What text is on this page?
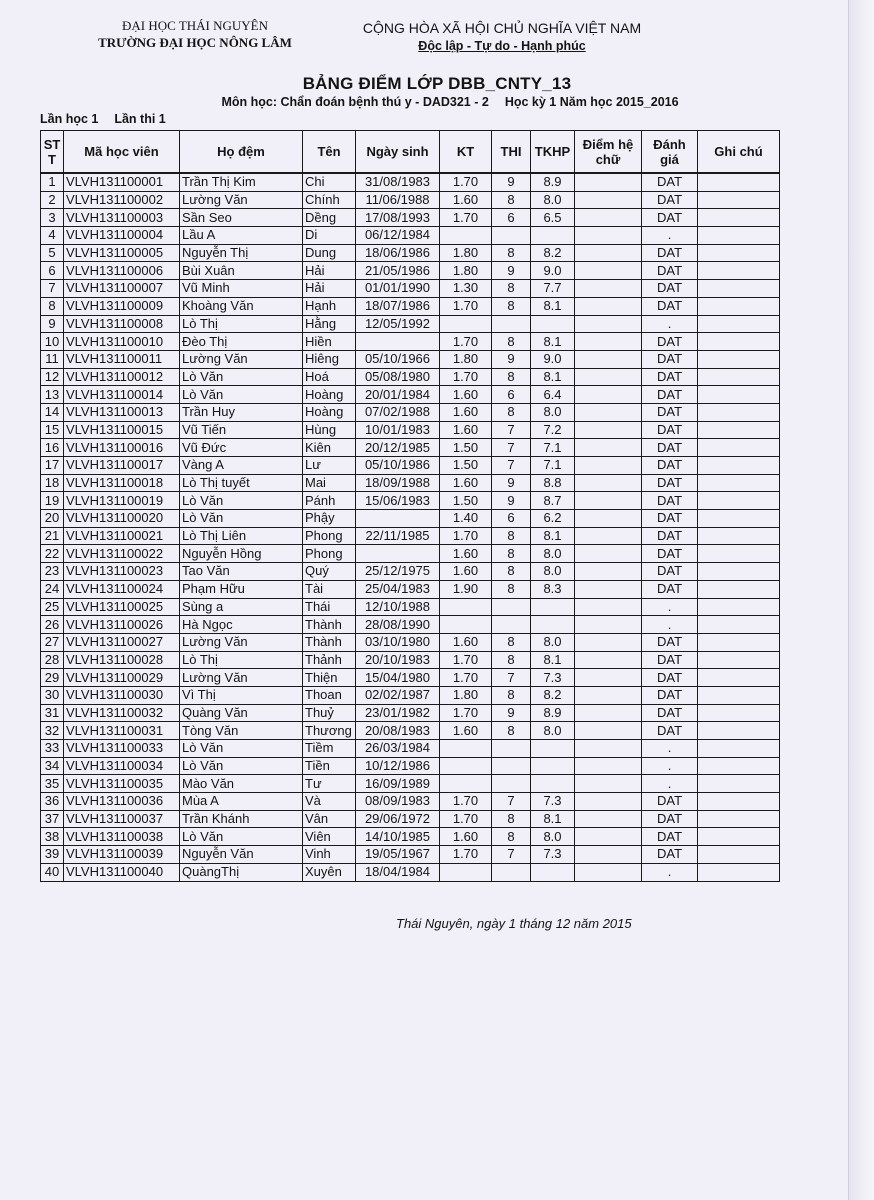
ĐẠI HỌC THÁI NGUYÊN
TRƯỜNG ĐẠI HỌC NÔNG LÂM
CỘNG HÒA XÃ HỘI CHỦ NGHĨA VIỆT NAM
Độc lập - Tự do - Hạnh phúc
BẢNG ĐIỂM LỚP DBB_CNTY_13
Môn học: Chẩn đoán bệnh thú y - DAD321 - 2 Học kỳ 1 Năm học 2015_2016
Lần học 1 Lần thi 1
ST T	Mã học viên	Họ đệm	Tên	Ngày sinh	KT	THI	TKHP	Điểm hệ chữ	Đánh giá	Ghi chú
1	VLVH131100001	Trần Thị Kim	Chi	31/08/1983	1.70	9	8.9		DAT	
2	VLVH131100002	Lường Văn	Chính	11/06/1988	1.60	8	8.0		DAT	
3	VLVH131100003	Sần Seo	Dềng	17/08/1993	1.70	6	6.5		DAT	
4	VLVH131100004	Lầu A	Di	06/12/1984					.	
5	VLVH131100005	Nguyễn Thị	Dung	18/06/1986	1.80	8	8.2		DAT	
6	VLVH131100006	Bùi Xuân	Hải	21/05/1986	1.80	9	9.0		DAT	
7	VLVH131100007	Vũ Minh	Hải	01/01/1990	1.30	8	7.7		DAT	
8	VLVH131100009	Khoàng Văn	Hạnh	18/07/1986	1.70	8	8.1		DAT	
9	VLVH131100008	Lò Thị	Hằng	12/05/1992					.	
10	VLVH131100010	Đèo Thị	Hiền		1.70	8	8.1		DAT	
11	VLVH131100011	Lường Văn	Hiêng	05/10/1966	1.80	9	9.0		DAT	
12	VLVH131100012	Lò Văn	Hoá	05/08/1980	1.70	8	8.1		DAT	
13	VLVH131100014	Lò Văn	Hoàng	20/01/1984	1.60	6	6.4		DAT	
14	VLVH131100013	Trần Huy	Hoàng	07/02/1988	1.60	8	8.0		DAT	
15	VLVH131100015	Vũ Tiến	Hùng	10/01/1983	1.60	7	7.2		DAT	
16	VLVH131100016	Vũ Đức	Kiên	20/12/1985	1.50	7	7.1		DAT	
17	VLVH131100017	Vàng A	Lư	05/10/1986	1.50	7	7.1		DAT	
18	VLVH131100018	Lò Thị tuyết	Mai	18/09/1988	1.60	9	8.8		DAT	
19	VLVH131100019	Lò Văn	Pánh	15/06/1983	1.50	9	8.7		DAT	
20	VLVH131100020	Lò Văn	Phậy		1.40	6	6.2		DAT	
21	VLVH131100021	Lò Thị Liên	Phong	22/11/1985	1.70	8	8.1		DAT	
22	VLVH131100022	Nguyễn Hồng	Phong		1.60	8	8.0		DAT	
23	VLVH131100023	Tao Văn	Quý	25/12/1975	1.60	8	8.0		DAT	
24	VLVH131100024	Phạm Hữu	Tài	25/04/1983	1.90	8	8.3		DAT	
25	VLVH131100025	Sùng a	Thái	12/10/1988					.	
26	VLVH131100026	Hà Ngọc	Thành	28/08/1990					.	
27	VLVH131100027	Lường Văn	Thành	03/10/1980	1.60	8	8.0		DAT	
28	VLVH131100028	Lò Thị	Thảnh	20/10/1983	1.70	8	8.1		DAT	
29	VLVH131100029	Lường Văn	Thiện	15/04/1980	1.70	7	7.3		DAT	
30	VLVH131100030	Vì Thị	Thoan	02/02/1987	1.80	8	8.2		DAT	
31	VLVH131100032	Quàng Văn	Thuỷ	23/01/1982	1.70	9	8.9		DAT	
32	VLVH131100031	Tòng Văn	Thương	20/08/1983	1.60	8	8.0		DAT	
33	VLVH131100033	Lò Văn	Tiềm	26/03/1984					.	
34	VLVH131100034	Lò Văn	Tiền	10/12/1986					.	
35	VLVH131100035	Mào Văn	Tư	16/09/1989					.	
36	VLVH131100036	Mùa A	Và	08/09/1983	1.70	7	7.3		DAT	
37	VLVH131100037	Trần Khánh	Vân	29/06/1972	1.70	8	8.1		DAT	
38	VLVH131100038	Lò Văn	Viên	14/10/1985	1.60	8	8.0		DAT	
39	VLVH131100039	Nguyễn Văn	Vinh	19/05/1967	1.70	7	7.3		DAT	
40	VLVH131100040	QuàngThị	Xuyên	18/04/1984					.	
Thái Nguyên, ngày 1 tháng 12 năm 2015
